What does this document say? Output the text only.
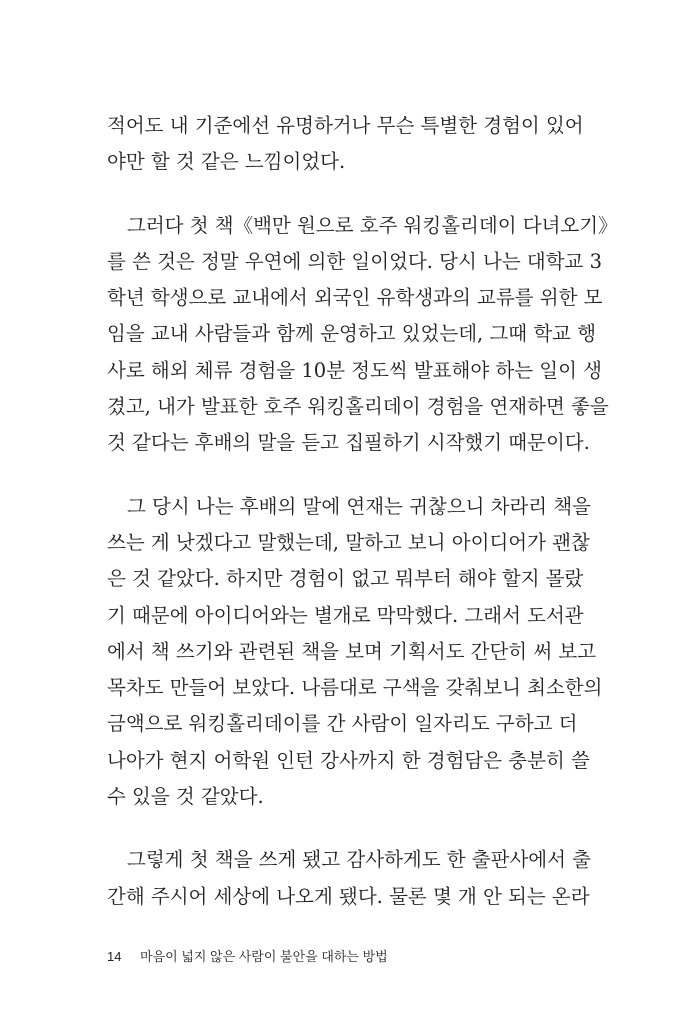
적어도 내 기준에선 유명하거나 무슨 특별한 경험이 있어
야만 할 것 같은 느낌이었다.
그러다 첫 책《백만 원으로 호주 워킹홀리데이 다녀오기》
를 쓴 것은 정말 우연에 의한 일이었다. 당시 나는 대학교 3
학년 학생으로 교내에서 외국인 유학생과의 교류를 위한 모
임을 교내 사람들과 함께 운영하고 있었는데, 그때 학교 행
사로 해외 체류 경험을 10분 정도씩 발표해야 하는 일이 생
겼고, 내가 발표한 호주 워킹홀리데이 경험을 연재하면 좋을
것 같다는 후배의 말을 듣고 집필하기 시작했기 때문이다.
그 당시 나는 후배의 말에 연재는 귀찮으니 차라리 책을
쓰는 게 낫겠다고 말했는데, 말하고 보니 아이디어가 괜찮
은 것 같았다. 하지만 경험이 없고 뭐부터 해야 할지 몰랐
기 때문에 아이디어와는 별개로 막막했다. 그래서 도서관
에서 책 쓰기와 관련된 책을 보며 기획서도 간단히 써 보고
목차도 만들어 보았다. 나름대로 구색을 갖춰보니 최소한의
금액으로 워킹홀리데이를 간 사람이 일자리도 구하고 더
나아가 현지 어학원 인턴 강사까지 한 경험담은 충분히 쓸
수 있을 것 같았다.
그렇게 첫 책을 쓰게 됐고 감사하게도 한 출판사에서 출
간해 주시어 세상에 나오게 됐다. 물론 몇 개 안 되는 온라
14 마음이 넓지 않은 사람이 불안을 대하는 방법
